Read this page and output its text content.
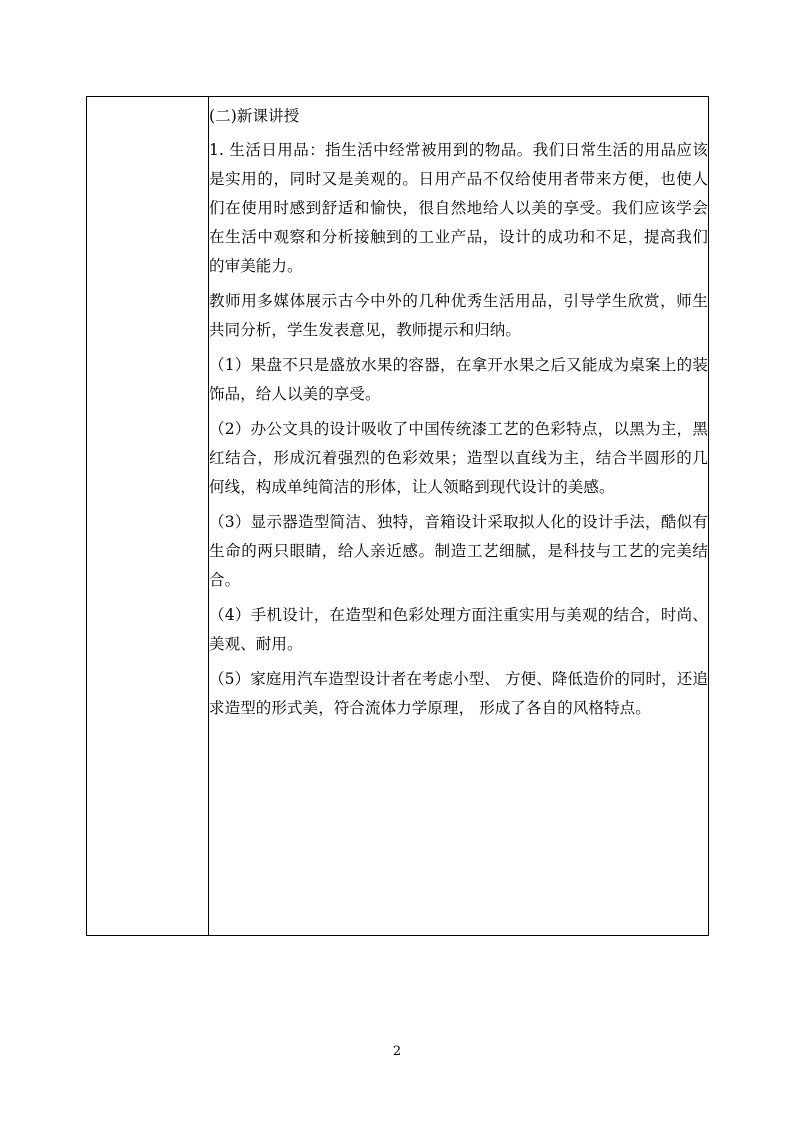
(二)新课讲授

1. 生活日用品：指生活中经常被用到的物品。我们日常生活的用品应该是实用的，同时又是美观的。日用产品不仅给使用者带来方便，也使人们在使用时感到舒适和愉快，很自然地给人以美的享受。我们应该学会在生活中观察和分析接触到的工业产品，设计的成功和不足，提高我们的审美能力。

教师用多媒体展示古今中外的几种优秀生活用品，引导学生欣赏，师生共同分析，学生发表意见，教师提示和归纳。

（1）果盘不只是盛放水果的容器，在拿开水果之后又能成为桌案上的装饰品，给人以美的享受。

（2）办公文具的设计吸收了中国传统漆工艺的色彩特点，以黑为主，黑红结合，形成沉着强烈的色彩效果；造型以直线为主，结合半圆形的几何线，构成单纯简洁的形体，让人领略到现代设计的美感。

（3）显示器造型简洁、独特，音箱设计采取拟人化的设计手法，酷似有生命的两只眼睛，给人亲近感。制造工艺细腻，是科技与工艺的完美结合。

（4）手机设计，在造型和色彩处理方面注重实用与美观的结合，时尚、美观、耐用。

（5）家庭用汽车造型设计者在考虑小型、 方便、降低造价的同时，还追求造型的形式美，符合流体力学原理， 形成了各自的风格特点。

2
